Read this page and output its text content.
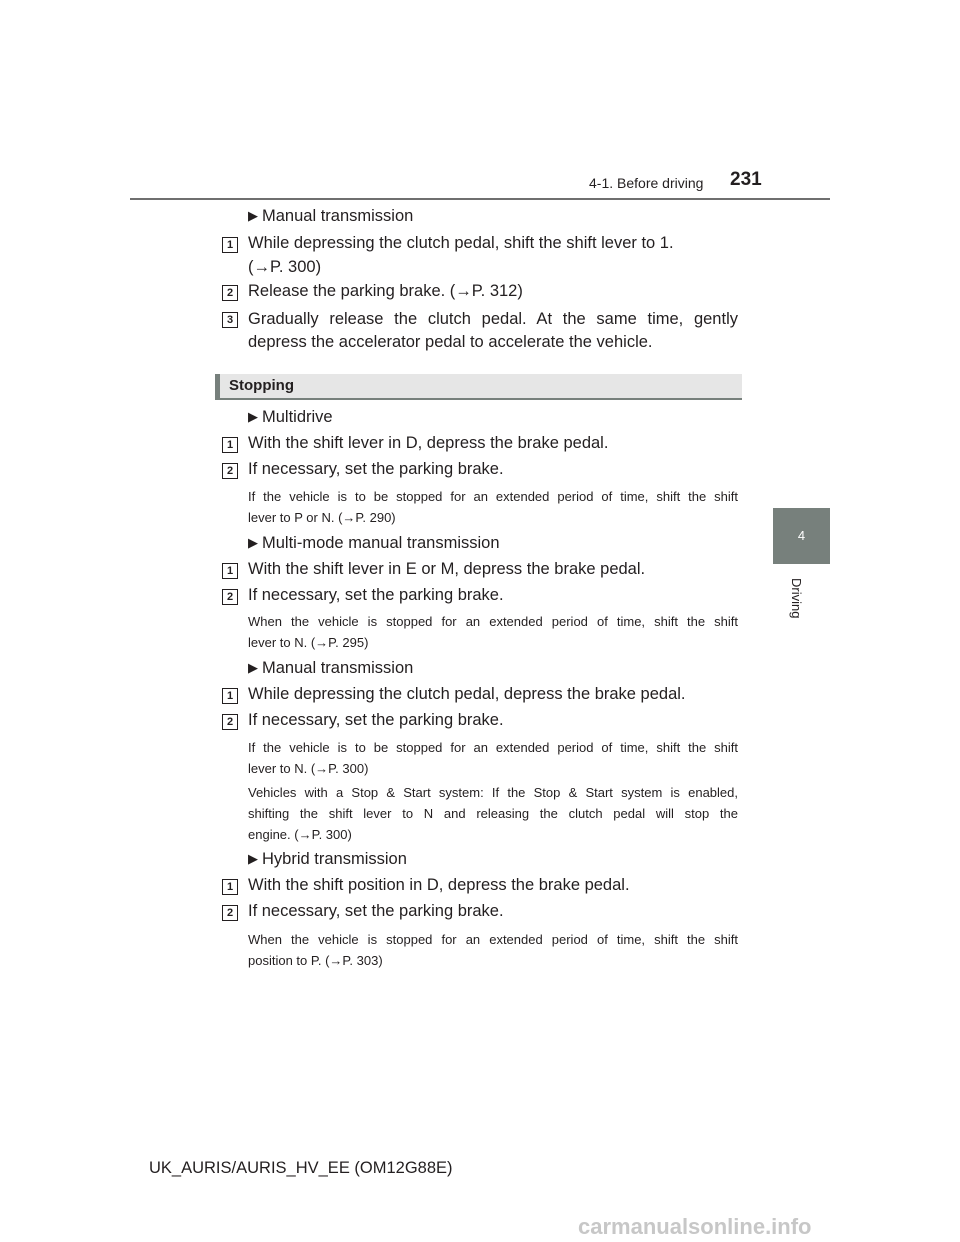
4-1. Before driving 231
4
Driving
▶ Manual transmission
1 While depressing the clutch pedal, shift the shift lever to 1.
(→P. 300)
2 Release the parking brake. (→P. 312)
3 Gradually release the clutch pedal. At the same time, gently
depress the accelerator pedal to accelerate the vehicle.
Stopping
▶ Multidrive
1 With the shift lever in D, depress the brake pedal.
2 If necessary, set the parking brake.
If the vehicle is to be stopped for an extended period of time, shift the shift
lever to P or N. (→P. 290)
▶ Multi-mode manual transmission
1 With the shift lever in E or M, depress the brake pedal.
2 If necessary, set the parking brake.
When the vehicle is stopped for an extended period of time, shift the shift
lever to N. (→P. 295)
▶ Manual transmission
1 While depressing the clutch pedal, depress the brake pedal.
2 If necessary, set the parking brake.
If the vehicle is to be stopped for an extended period of time, shift the shift
lever to N. (→P. 300)
Vehicles with a Stop & Start system: If the Stop & Start system is enabled,
shifting the shift lever to N and releasing the clutch pedal will stop the
engine. (→P. 300)
▶ Hybrid transmission
1 With the shift position in D, depress the brake pedal.
2 If necessary, set the parking brake.
When the vehicle is stopped for an extended period of time, shift the shift
position to P. (→P. 303)
UK_AURIS/AURIS_HV_EE (OM12G88E)
carmanualsonline.info
